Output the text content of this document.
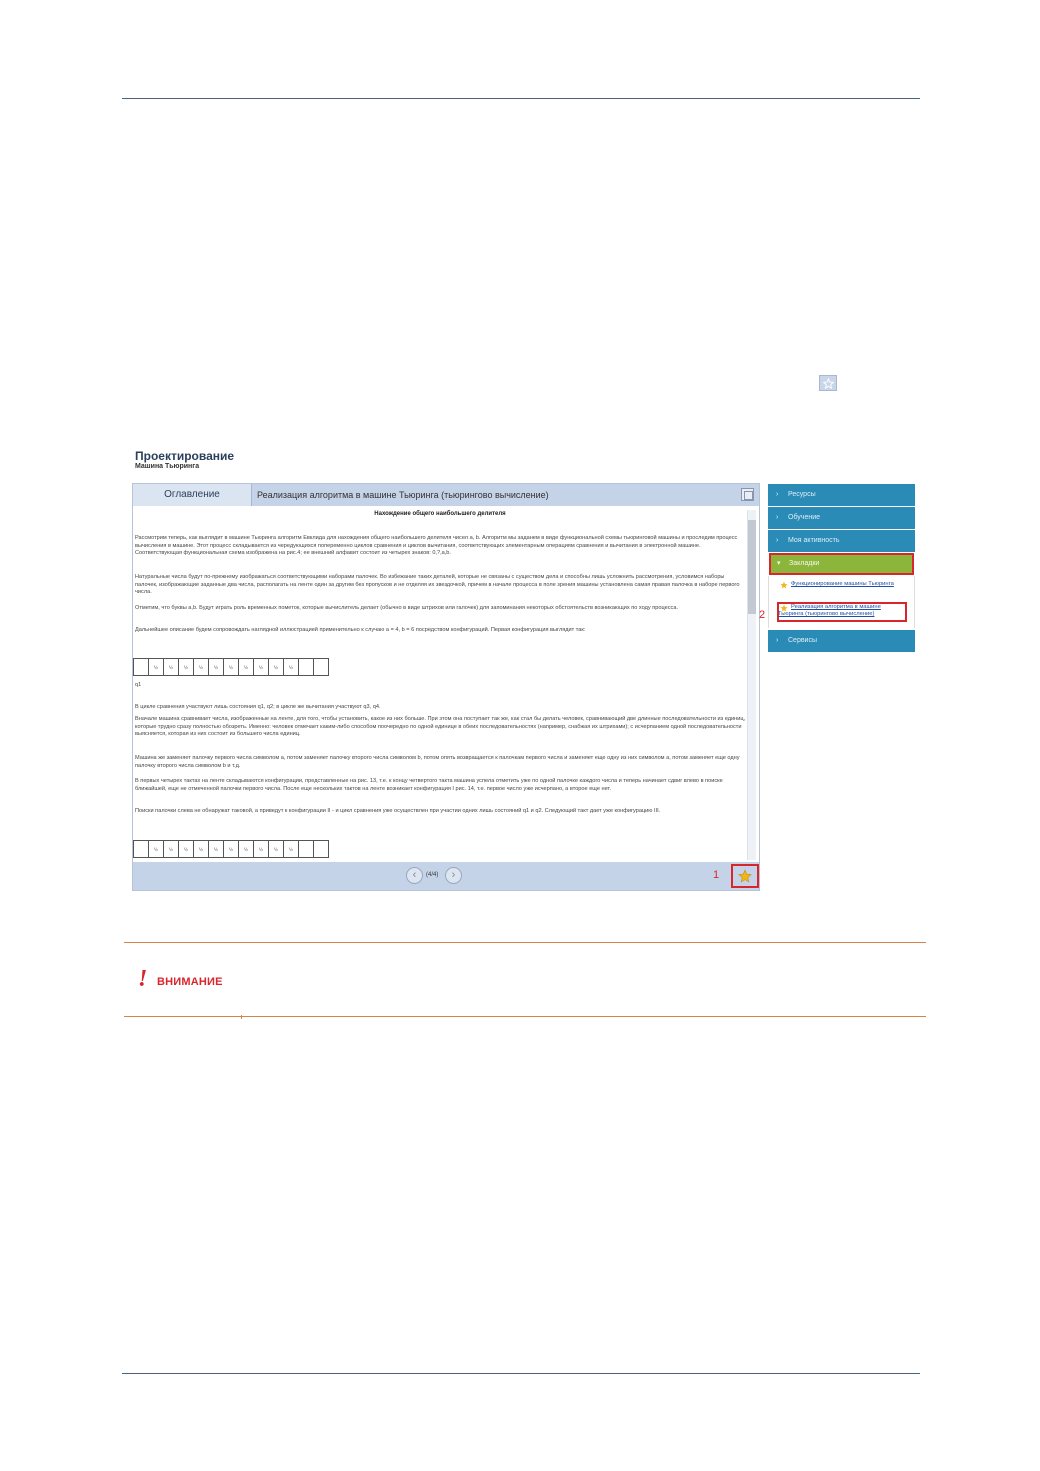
Проектирование
Машина Тьюринга
Оглавление	Реализация алгоритма в машине Тьюринга (тьюрингово вычисление)
Нахождение общего наибольшего делителя
Рассмотрим теперь, как выглядит в машине Тьюринга алгоритм Евклида для нахождения общего наибольшего делителя чисел a, b. Алгоритм мы заданем в виде функциональной схемы тьюринговой машины и проследим процесс вычисления в машине. Этот процесс складывается из чередующихся попеременно циклов сравнения и циклов вычитания, соответствующих элементарным операциям сравнения и вычитания в электронной машине. Соответствующая функциональная схема изображена на рис.4; ее внешний алфавит состоит из четырех знаков: 0,?,a,b.
Натуральные числа будут по-прежнему изображаться соответствующими наборами палочек. Во избежание таких деталей, которые не связаны с существом дела и способны лишь усложнить рассмотрения, условимся наборы палочек, изображающие заданные два числа, располагать на ленте один за другим без пропусков и не отделяя их звездочкой, причем в начале процесса в поле зрения машины установлена самая правая палочка в наборе первого числа.
Отметим, что буквы a,b. Будут играть роль временных пометок, которые вычислитель делает (обычно в виде штрихов или галочек) для запоминания некоторых обстоятельств возникающих по ходу процесса.
Дальнейшее описание будем сопровождать наглядной иллюстрацией применительно к случаю a = 4, b = 6 посредством конфигураций. Первая конфигурация выглядит так:
½	½	½	½	½	½	½	½	½	½
q1
В цикле сравнения участвуют лишь состояния q1, q2; в цикле же вычитания участвуют q3, q4.
Вначале машина сравнивает числа, изображенные на ленте, для того, чтобы установить, какое из них больше. При этом она поступает так же, как стал бы делать человек, сравнивающий две длинные последовательности из единиц, которые трудно сразу полностью обозреть. Именно: человек отмечает каким-либо способом поочередно по одной единице в обеих последовательностях (например, снабжая их штрихами); с исчерпанием одной последовательности выясняется, которая из них состоит из большего числа единиц.
Машина же заменяет палочку первого числа символом a, потом заменяет палочку второго числа символом b, потом опять возвращается к палочкам первого числа и заменяет еще одну из них символом a, потом заменяет еще одну палочку второго числа символом b и т.д.
В первых четырех тактах на ленте складываются конфигурации, представленные на рис. 13, т.е. к концу четвертого такта машина успела отметить уже по одной палочке каждого числа и теперь начинает сдвиг влево в поиске ближайшей, еще не отмеченной палочки первого числа. После еще нескольких тактов на ленте возникает конфигурация I рис. 14, т.е. первое число уже исчерпано, а второе еще нет.
Поиски палочки слева не обнаружат таковой, а приведут к конфигурации II - и цикл сравнения уже осуществлен при участии одних лишь состояний q1 и q2. Следующий такт дает уже конфигурацию III.
½	½	½	½	½	½	½	½	½	½
‹	(4/4)	›	1
› Ресурсы
› Обучение
› Моя активность
▾ Закладки
Функционирование машины Тьюринга
Реализация алгоритма в машине Тьюринга (тьюрингово вычисление)
› Сервисы
2
! ВНИМАНИЕ
